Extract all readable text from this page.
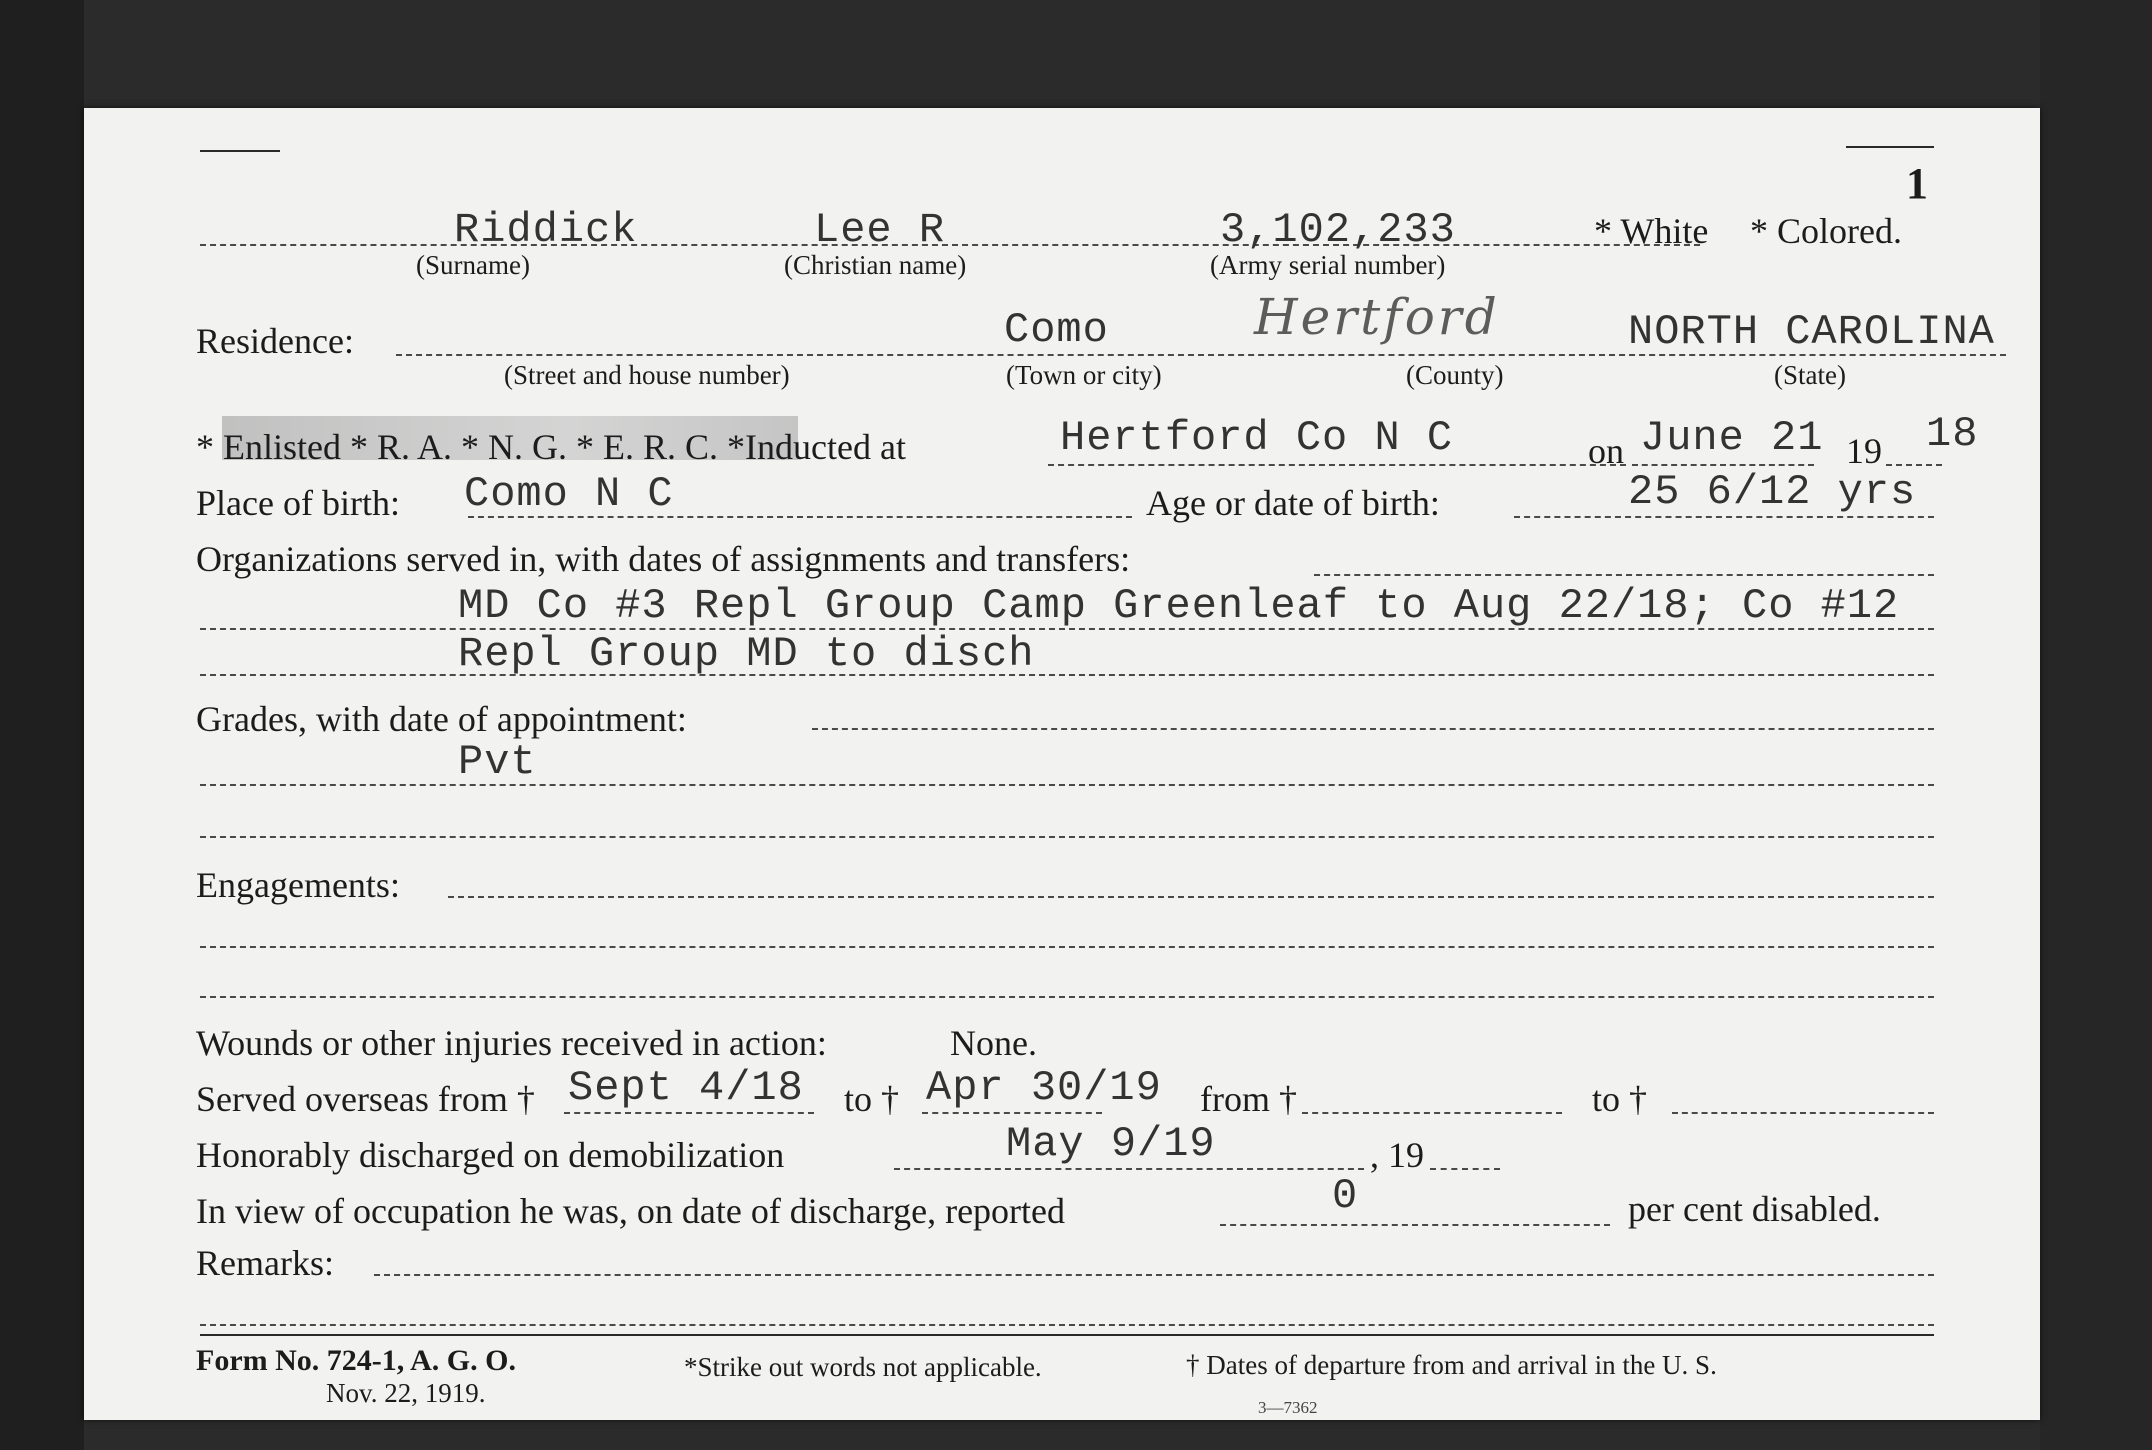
1
Riddick	Lee R	3,102,233	* White * Colored.
(Surname)	(Christian name)	(Army serial number)
Residence:	Como	Hertford	NORTH CAROLINA
(Street and house number)	(Town or city)	(County)	(State)
* Enlisted * R. A. * N. G. * E. R. C. *Inducted at	Hertford Co N C	on June 21 19 18
Place of birth: Como N C	Age or date of birth:	25 6/12 yrs
Organizations served in, with dates of assignments and transfers:
MD Co #3 Repl Group Camp Greenleaf to Aug 22/18; Co #12
Repl Group MD to disch
Grades, with date of appointment:
Pvt
Engagements:
Wounds or other injuries received in action:	None.
Served overseas from † Sept 4/18 to † Apr 30/19 from †	to †
Honorably discharged on demobilization	May 9/19	, 19
In view of occupation he was, on date of discharge, reported	0	per cent disabled.
Remarks:
Form No. 724-1, A. G. O.
Nov. 22, 1919.
*Strike out words not applicable.	† Dates of departure from and arrival in the U. S.
3—7362
